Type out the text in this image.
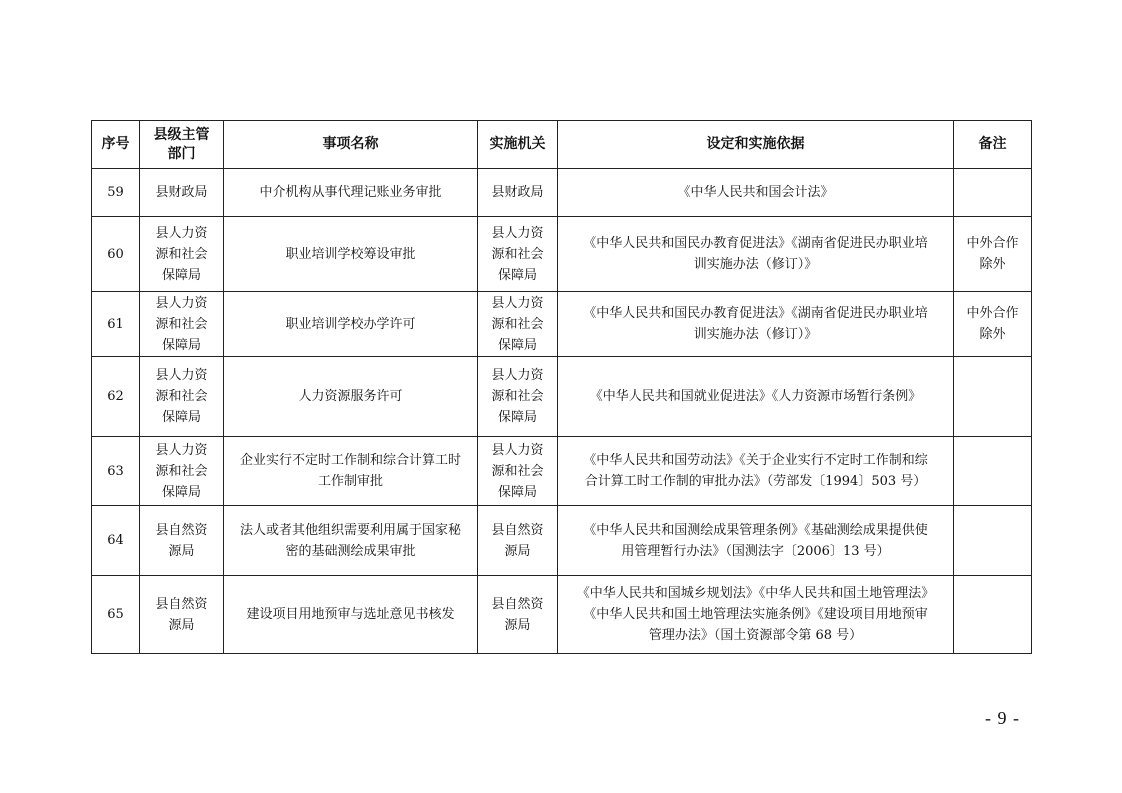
序号	县级主管
部门	事项名称	实施机关	设定和实施依据	备注
59	县财政局	中介机构从事代理记账业务审批	县财政局	《中华人民共和国会计法》	
60	县人力资
源和社会
保障局	职业培训学校筹设审批	县人力资
源和社会
保障局	《中华人民共和国民办教育促进法》《湖南省促进民办职业培
训实施办法（修订）》	中外合作
除外
61	县人力资
源和社会
保障局	职业培训学校办学许可	县人力资
源和社会
保障局	《中华人民共和国民办教育促进法》《湖南省促进民办职业培
训实施办法（修订）》	中外合作
除外
62	县人力资
源和社会
保障局	人力资源服务许可	县人力资
源和社会
保障局	《中华人民共和国就业促进法》《人力资源市场暂行条例》	
63	县人力资
源和社会
保障局	企业实行不定时工作制和综合计算工时
工作制审批	县人力资
源和社会
保障局	《中华人民共和国劳动法》《关于企业实行不定时工作制和综
合计算工时工作制的审批办法》（劳部发〔1994〕503 号）	
64	县自然资
源局	法人或者其他组织需要利用属于国家秘
密的基础测绘成果审批	县自然资
源局	《中华人民共和国测绘成果管理条例》《基础测绘成果提供使
用管理暂行办法》（国测法字〔2006〕13 号）	
65	县自然资
源局	建设项目用地预审与选址意见书核发	县自然资
源局	《中华人民共和国城乡规划法》《中华人民共和国土地管理法》
《中华人民共和国土地管理法实施条例》《建设项目用地预审
管理办法》（国土资源部令第 68 号）	
- 9 -
